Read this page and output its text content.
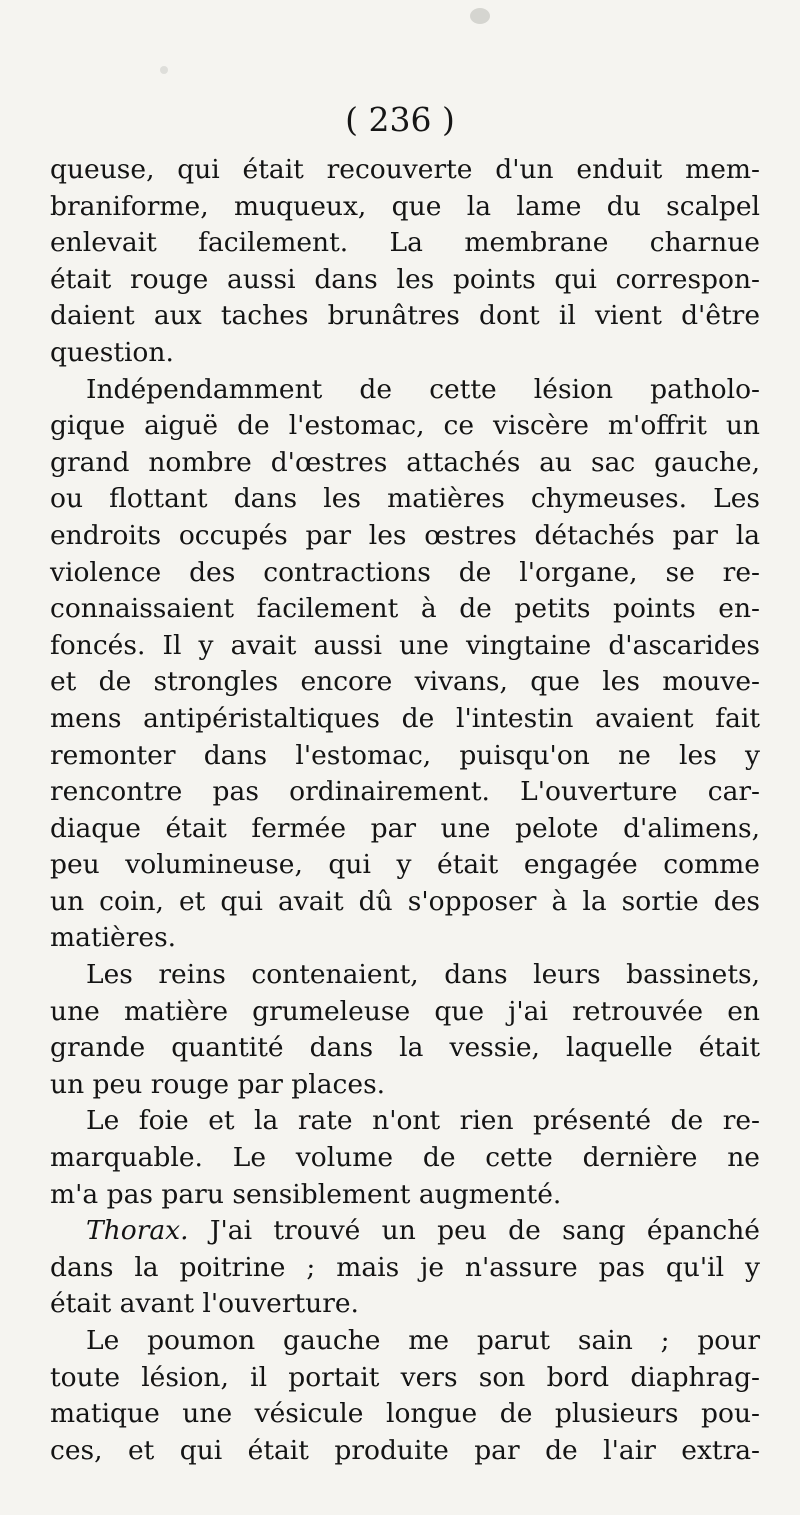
( 236 )

queuse, qui était recouverte d'un enduit mem-
braniforme, muqueux, que la lame du scalpel
enlevait facilement. La membrane charnue
était rouge aussi dans les points qui correspon-
daient aux taches brunâtres dont il vient d'être
question.

Indépendamment de cette lésion patholo-
gique aiguë de l'estomac, ce viscère m'offrit un
grand nombre d'œstres attachés au sac gauche,
ou flottant dans les matières chymeuses. Les
endroits occupés par les œstres détachés par la
violence des contractions de l'organe, se re-
connaissaient facilement à de petits points en-
foncés. Il y avait aussi une vingtaine d'ascarides
et de strongles encore vivans, que les mouve-
mens antipéristaltiques de l'intestin avaient fait
remonter dans l'estomac, puisqu'on ne les y
rencontre pas ordinairement. L'ouverture car-
diaque était fermée par une pelote d'alimens,
peu volumineuse, qui y était engagée comme
un coin, et qui avait dû s'opposer à la sortie des
matières.

Les reins contenaient, dans leurs bassinets,
une matière grumeleuse que j'ai retrouvée en
grande quantité dans la vessie, laquelle était
un peu rouge par places.

Le foie et la rate n'ont rien présenté de re-
marquable. Le volume de cette dernière ne
m'a pas paru sensiblement augmenté.

Thorax. J'ai trouvé un peu de sang épanché
dans la poitrine ; mais je n'assure pas qu'il y
était avant l'ouverture.

Le poumon gauche me parut sain ; pour
toute lésion, il portait vers son bord diaphrag-
matique une vésicule longue de plusieurs pou-
ces, et qui était produite par de l'air extra-
